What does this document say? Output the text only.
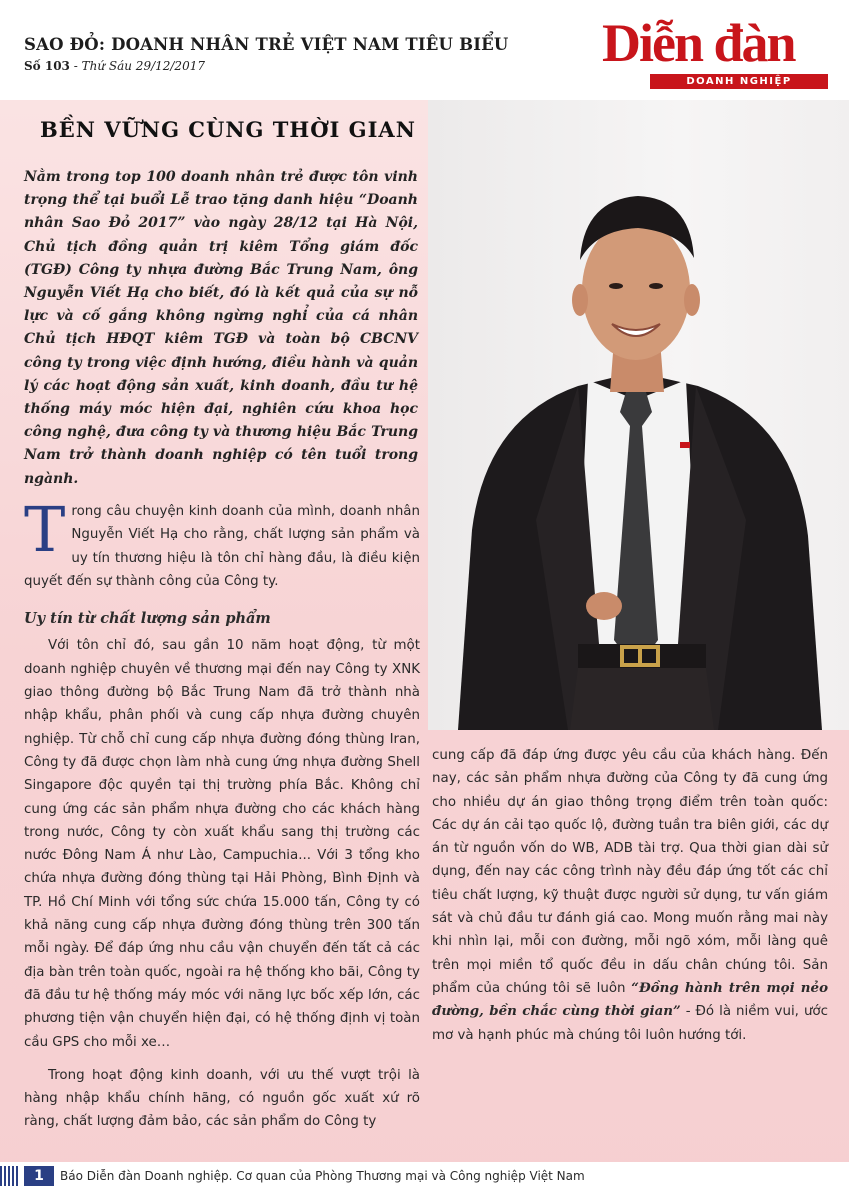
SAO ĐỎ: DOANH NHÂN TRẺ VIỆT NAM TIÊU BIỂU
Số 103 - Thứ Sáu 29/12/2017	Diễn đàn
DOANH NGHIỆP
BỀN VỮNG CÙNG THỜI GIAN

Nằm trong top 100 doanh nhân trẻ được tôn vinh trọng thể tại buổi Lễ trao tặng danh hiệu “Doanh nhân Sao Đỏ 2017” vào ngày 28/12 tại Hà Nội, Chủ tịch đồng quản trị kiêm Tổng giám đốc (TGĐ) Công ty nhựa đường Bắc Trung Nam, ông Nguyễn Viết Hạ cho biết, đó là kết quả của sự nỗ lực và cố gắng không ngừng nghỉ của cá nhân Chủ tịch HĐQT kiêm TGĐ và toàn bộ CBCNV công ty trong việc định hướng, điều hành và quản lý các hoạt động sản xuất, kinh doanh, đầu tư hệ thống máy móc hiện đại, nghiên cứu khoa học công nghệ, đưa công ty và thương hiệu Bắc Trung Nam trở thành doanh nghiệp có tên tuổi trong ngành.

Trong câu chuyện kinh doanh của mình, doanh nhân Nguyễn Viết Hạ cho rằng, chất lượng sản phẩm và uy tín thương hiệu là tôn chỉ hàng đầu, là điều kiện quyết đến sự thành công của Công ty.

Uy tín từ chất lượng sản phẩm

Với tôn chỉ đó, sau gần 10 năm hoạt động, từ một doanh nghiệp chuyên về thương mại đến nay Công ty XNK giao thông đường bộ Bắc Trung Nam đã trở thành nhà nhập khẩu, phân phối và cung cấp nhựa đường chuyên nghiệp. Từ chỗ chỉ cung cấp nhựa đường đóng thùng Iran, Công ty đã được chọn làm nhà cung ứng nhựa đường Shell Singapore độc quyền tại thị trường phía Bắc. Không chỉ cung ứng các sản phẩm nhựa đường cho các khách hàng trong nước, Công ty còn xuất khẩu sang thị trường các nước Đông Nam Á như Lào, Campuchia... Với 3 tổng kho chứa nhựa đường đóng thùng tại Hải Phòng, Bình Định và TP. Hồ Chí Minh với tổng sức chứa 15.000 tấn, Công ty có khả năng cung cấp nhựa đường đóng thùng trên 300 tấn mỗi ngày. Để đáp ứng nhu cầu vận chuyển đến tất cả các địa bàn trên toàn quốc, ngoài ra hệ thống kho bãi, Công ty đã đầu tư hệ thống máy móc với năng lực bốc xếp lớn, các phương tiện vận chuyển hiện đại, có hệ thống định vị toàn cầu GPS cho mỗi xe…

Trong hoạt động kinh doanh, với ưu thế vượt trội là hàng nhập khẩu chính hãng, có nguồn gốc xuất xứ rõ ràng, chất lượng đảm bảo, các sản phẩm do Công ty

cung cấp đã đáp ứng được yêu cầu của khách hàng. Đến nay, các sản phẩm nhựa đường của Công ty đã cung ứng cho nhiều dự án giao thông trọng điểm trên toàn quốc: Các dự án cải tạo quốc lộ, đường tuần tra biên giới, các dự án từ nguồn vốn do WB, ADB tài trợ. Qua thời gian dài sử dụng, đến nay các công trình này đều đáp ứng tốt các chỉ tiêu chất lượng, kỹ thuật được người sử dụng, tư vấn giám sát và chủ đầu tư đánh giá cao. Mong muốn rằng mai này khi nhìn lại, mỗi con đường, mỗi ngõ xóm, mỗi làng quê trên mọi miền tổ quốc đều in dấu chân chúng tôi. Sản phẩm của chúng tôi sẽ luôn “Đồng hành trên mọi nẻo đường, bền chắc cùng thời gian” - Đó là niềm vui, ước mơ và hạnh phúc mà chúng tôi luôn hướng tới.

1	Báo Diễn đàn Doanh nghiệp. Cơ quan của Phòng Thương mại và Công nghiệp Việt Nam
